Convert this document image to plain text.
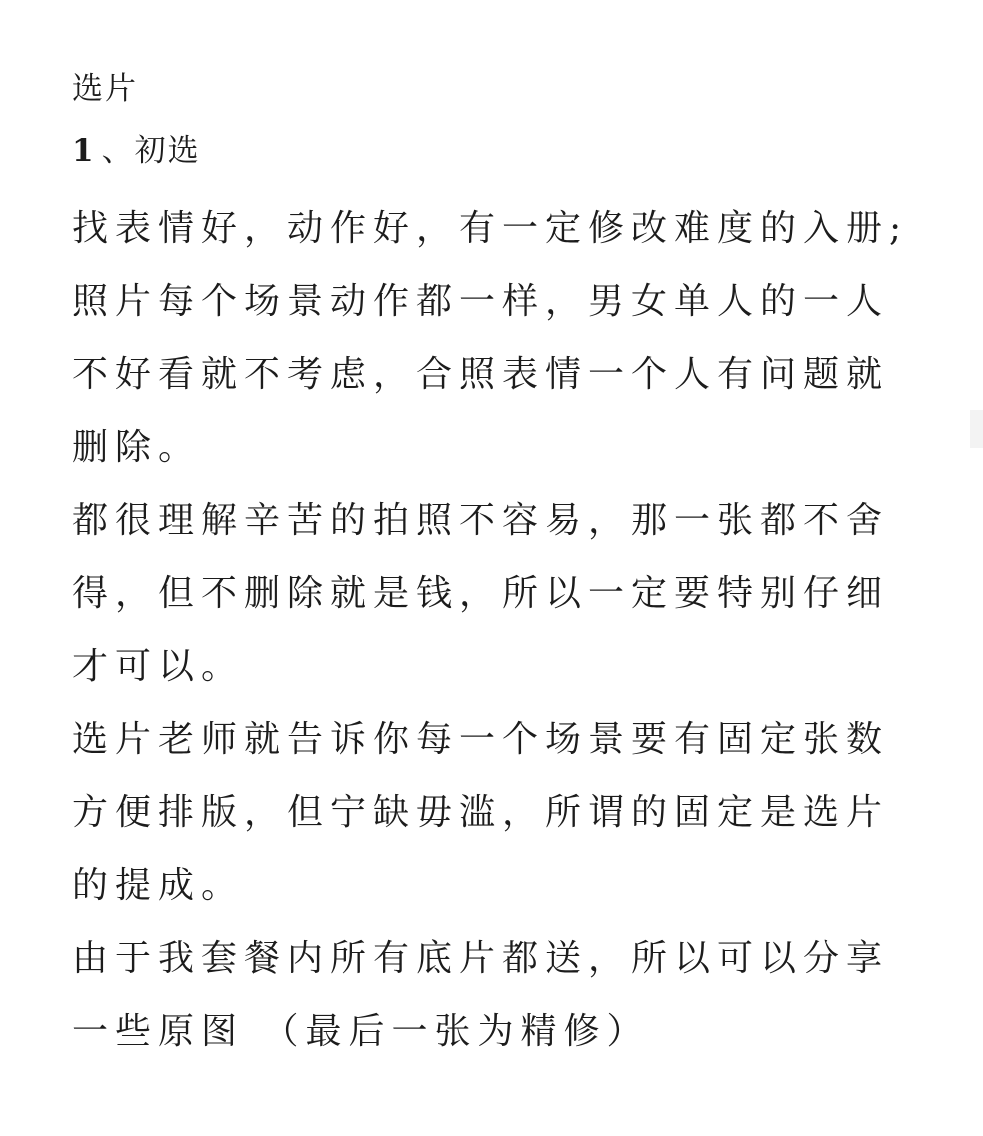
选片
1 、初选

找表情好，动作好，有一定修改难度的入册;照片每个场景动作都一样，男女单人的一人不好看就不考虑，合照表情一个人有问题就删除。

都很理解辛苦的拍照不容易，那一张都不舍得，但不删除就是钱，所以一定要特别仔细才可以。

选片老师就告诉你每一个场景要有固定张数方便排版，但宁缺毋滥，所谓的固定是选片的提成。

由于我套餐内所有底片都送，所以可以分享一些原图 （最后一张为精修）
